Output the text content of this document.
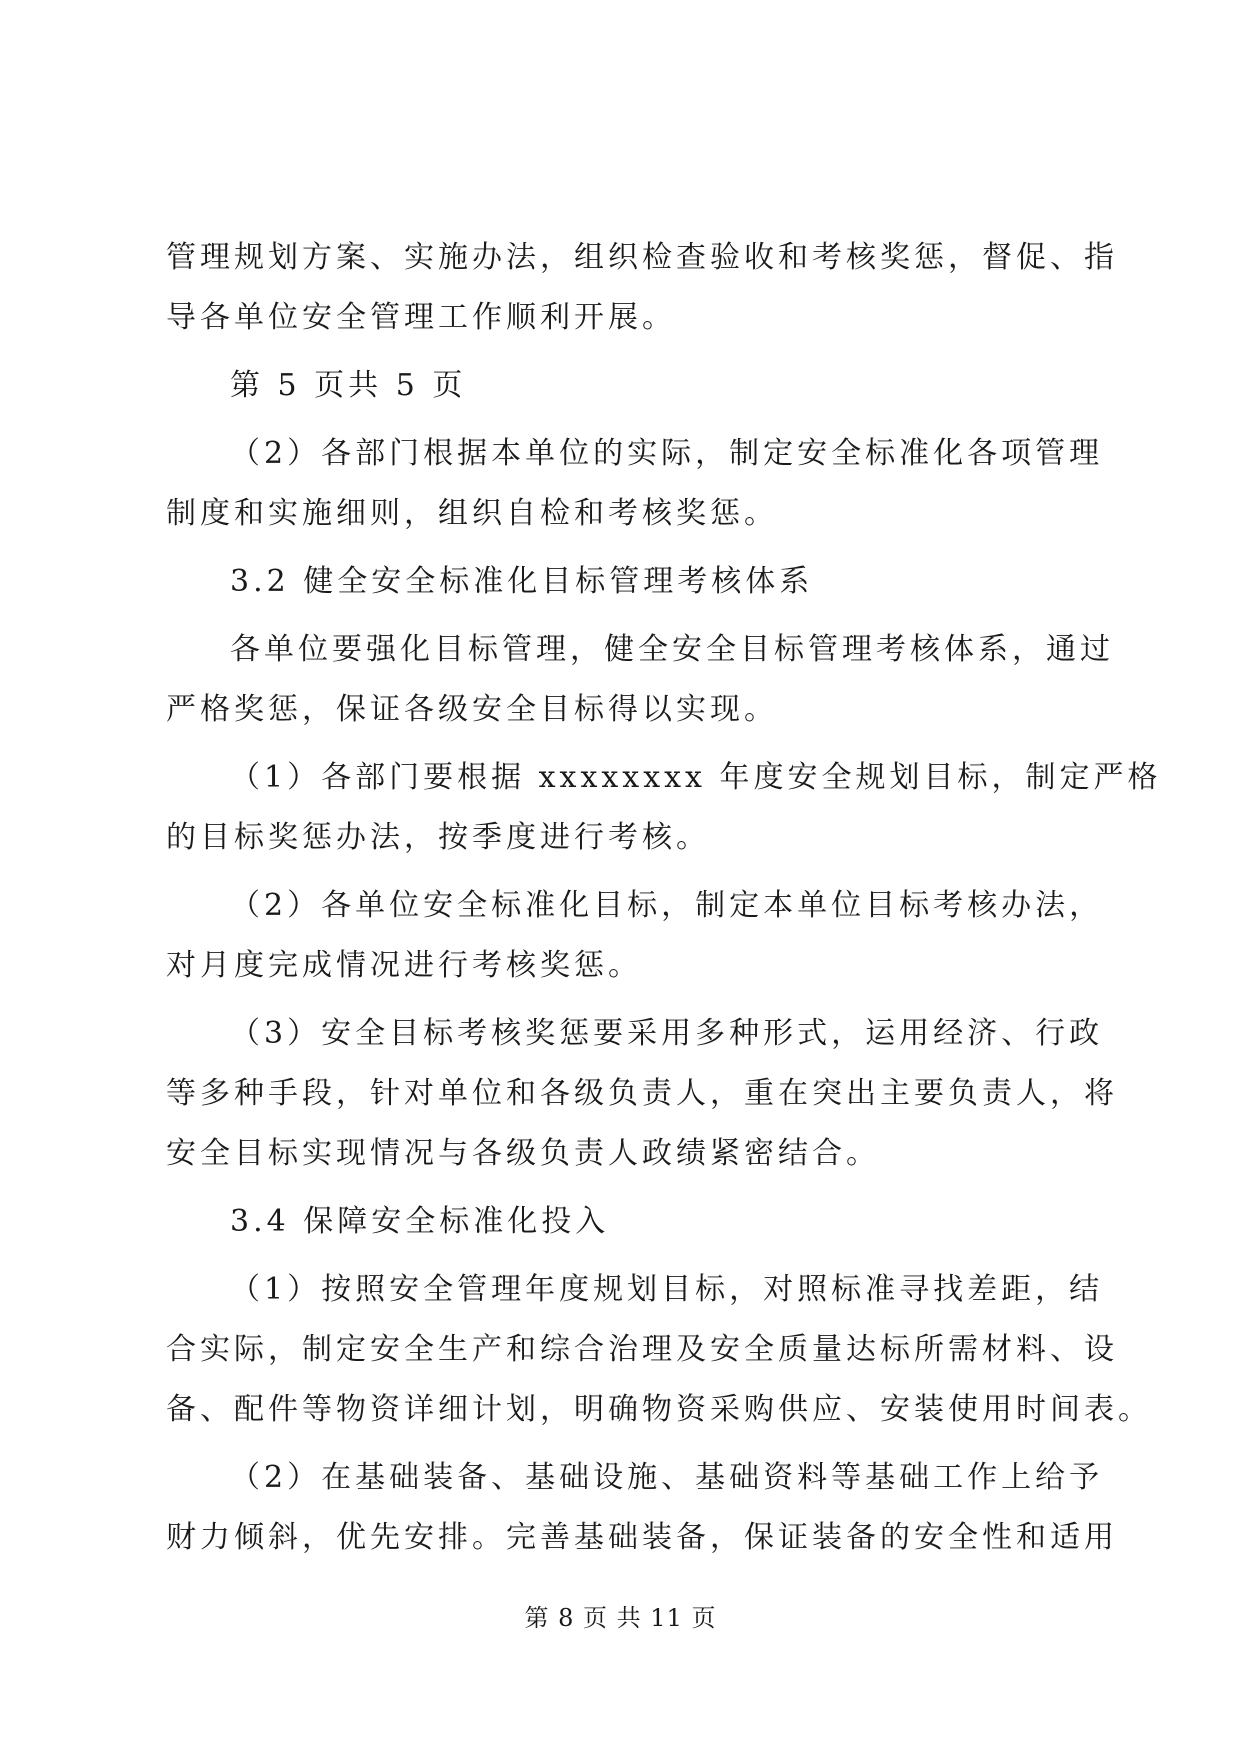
管理规划方案、实施办法，组织检查验收和考核奖惩，督促、指

导各单位安全管理工作顺利开展。

第 5 页共 5 页

（2）各部门根据本单位的实际，制定安全标准化各项管理

制度和实施细则，组织自检和考核奖惩。

3.2 健全安全标准化目标管理考核体系

各单位要强化目标管理，健全安全目标管理考核体系，通过

严格奖惩，保证各级安全目标得以实现。

（1）各部门要根据 xxxxxxxx 年度安全规划目标，制定严格

的目标奖惩办法，按季度进行考核。

（2）各单位安全标准化目标，制定本单位目标考核办法，

对月度完成情况进行考核奖惩。

（3）安全目标考核奖惩要采用多种形式，运用经济、行政

等多种手段，针对单位和各级负责人，重在突出主要负责人，将

安全目标实现情况与各级负责人政绩紧密结合。

3.4 保障安全标准化投入

（1）按照安全管理年度规划目标，对照标准寻找差距，结

合实际，制定安全生产和综合治理及安全质量达标所需材料、设

备、配件等物资详细计划，明确物资采购供应、安装使用时间表。

（2）在基础装备、基础设施、基础资料等基础工作上给予

财力倾斜，优先安排。完善基础装备，保证装备的安全性和适用

第 8 页 共 11 页
